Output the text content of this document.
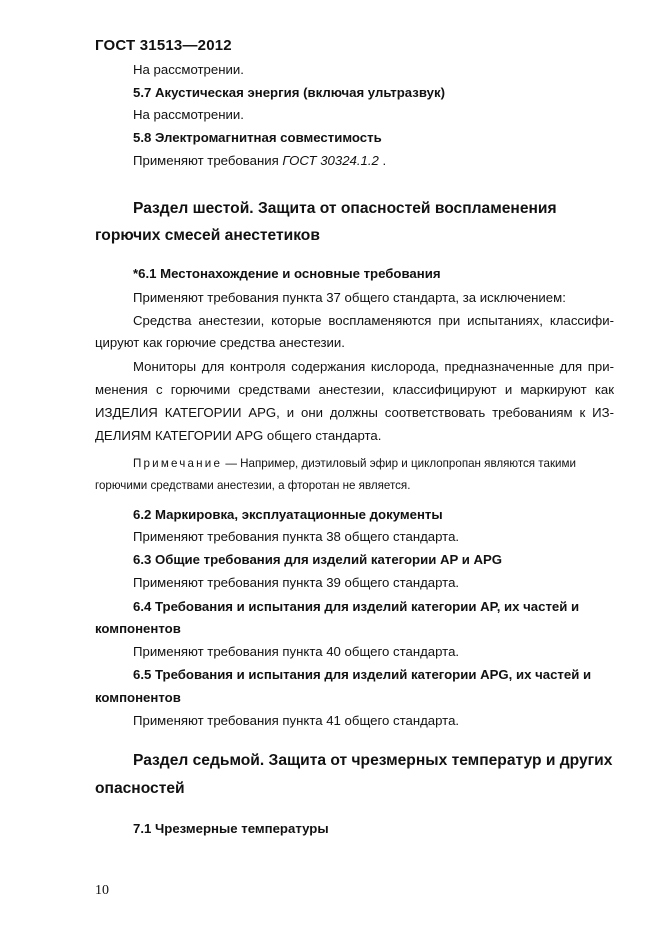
ГОСТ 31513—2012
На рассмотрении.
5.7 Акустическая энергия (включая ультразвук)
На рассмотрении.
5.8 Электромагнитная совместимость
Применяют требования ГОСТ 30324.1.2 .
Раздел шестой. Защита от опасностей воспламенения
горючих смесей анестетиков
*6.1 Местонахождение и основные требования
Применяют требования пункта 37 общего стандарта, за исключением:
Средства анестезии, которые воспламеняются при испытаниях, классифи-
цируют как горючие средства анестезии.
Мониторы для контроля содержания кислорода, предназначенные для при-
менения с горючими средствами анестезии, классифицируют и маркируют как
ИЗДЕЛИЯ КАТЕГОРИИ APG, и они должны соответствовать требованиям к ИЗ-
ДЕЛИЯМ КАТЕГОРИИ APG общего стандарта.
Примечание — Например, диэтиловый эфир и циклопропан являются такими
горючими средствами анестезии, а фторотан не является.
6.2 Маркировка, эксплуатационные документы
Применяют требования пункта 38 общего стандарта.
6.3 Общие требования для изделий категории AP и APG
Применяют требования пункта 39 общего стандарта.
6.4 Требования и испытания для изделий категории AP, их частей и
компонентов
Применяют требования пункта 40 общего стандарта.
6.5 Требования и испытания для изделий категории APG, их частей и
компонентов
Применяют требования пункта 41 общего стандарта.
Раздел седьмой. Защита от чрезмерных температур и других
опасностей
7.1 Чрезмерные температуры
10
